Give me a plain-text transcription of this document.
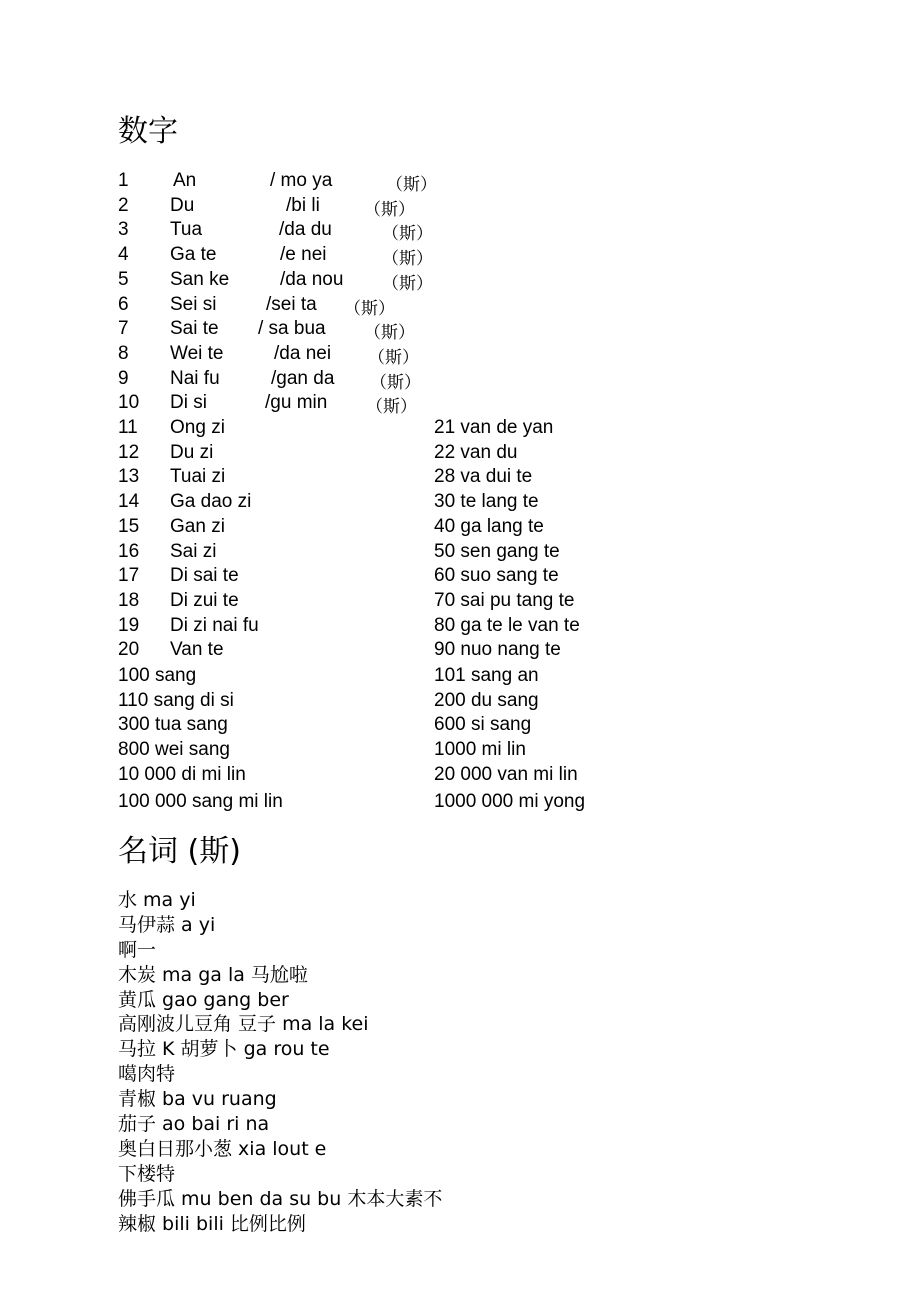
数字
1 An	/ mo ya	（斯）
2 Du	/bi li	（斯）
3 Tua	/da du	（斯）
4 Ga te	/e nei	（斯）
5 San ke	/da nou （斯）
6 Sei si	/sei ta （斯）
7 Sai te / sa bua （斯）
8 Wei te	/da nei （斯）
9 Nai fu	/gan da （斯）
10 Di si	/gu min （斯）
11 Ong zi	21 van de yan
12 Du zi	22 van du
13 Tuai zi	28 va dui te
14 Ga dao zi	30 te lang te
15 Gan zi	40 ga lang te
16 Sai zi	50 sen gang te
17 Di sai te	60 suo sang te
18 Di zui te	70 sai pu tang te
19 Di zi nai fu	80 ga te le van te
20 Van te	90 nuo nang te
100 sang	101 sang an
110 sang di si	200 du sang
300 tua sang	600 si sang
800 wei sang	1000 mi lin
10 000 di mi lin	20 000 van mi lin
100 000 sang mi lin	1000 000 mi yong
名词 (斯)
水 ma yi
马伊蒜 a yi
啊一
木炭 ma ga la 马尬啦
黄瓜 gao gang ber
高刚波儿豆角 豆子 ma la kei
马拉 K 胡萝卜 ga rou te
噶肉特
青椒 ba vu ruang
茄子 ao bai ri na
奥白日那小葱 xia lout e
下楼特
佛手瓜 mu ben da su bu 木本大素不
辣椒 bili bili 比例比例
